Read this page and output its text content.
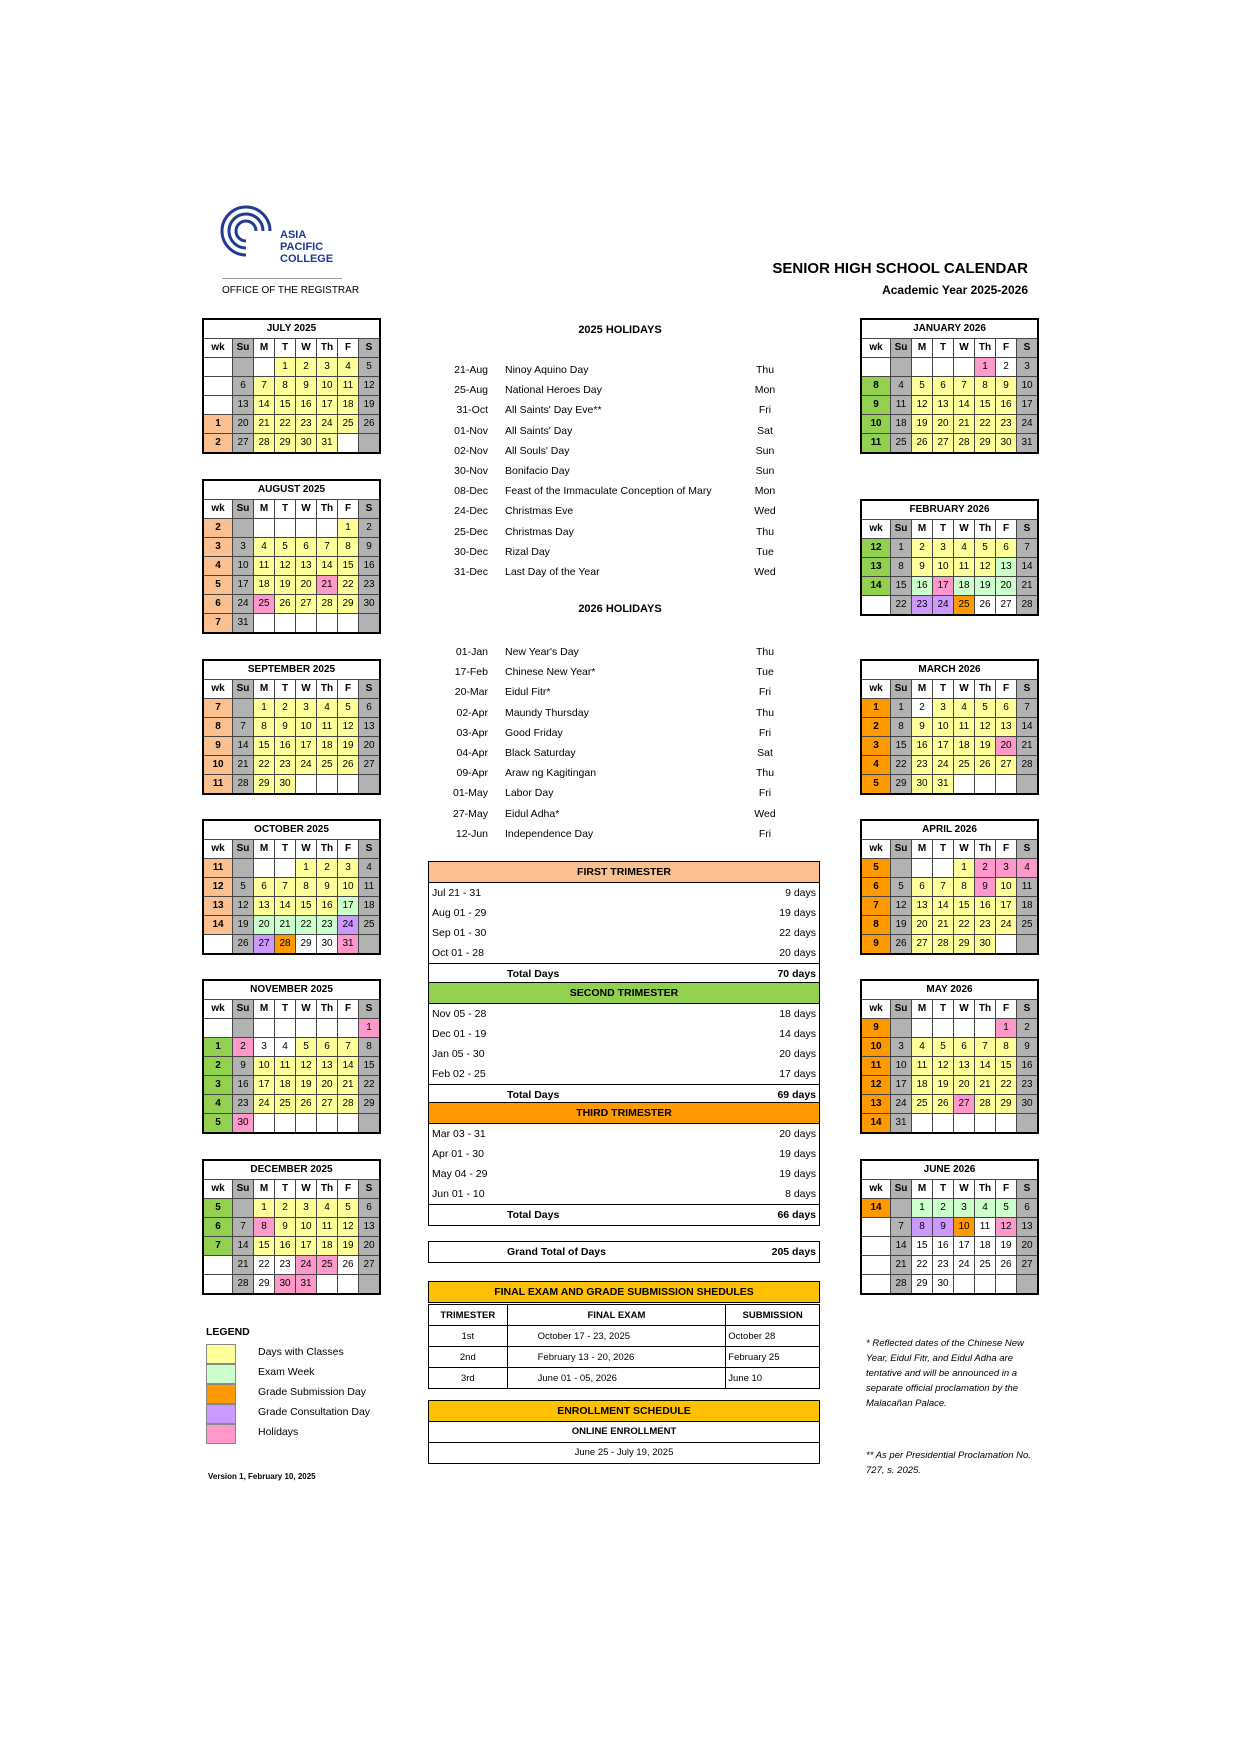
ASIA
PACIFIC
COLLEGE
OFFICE OF THE REGISTRAR
SENIOR HIGH SCHOOL CALENDAR
Academic Year 2025-2026
JULY 2025							
wk	Su	M	T	W	Th	F	S
			1	2	3	4	5
	6	7	8	9	10	11	12
	13	14	15	16	17	18	19
1	20	21	22	23	24	25	26
2	27	28	29	30	31		
AUGUST 2025							
wk	Su	M	T	W	Th	F	S
2						1	2
3	3	4	5	6	7	8	9
4	10	11	12	13	14	15	16
5	17	18	19	20	21	22	23
6	24	25	26	27	28	29	30
7	31						
SEPTEMBER 2025							
wk	Su	M	T	W	Th	F	S
7		1	2	3	4	5	6
8	7	8	9	10	11	12	13
9	14	15	16	17	18	19	20
10	21	22	23	24	25	26	27
11	28	29	30				
OCTOBER 2025							
wk	Su	M	T	W	Th	F	S
11				1	2	3	4
12	5	6	7	8	9	10	11
13	12	13	14	15	16	17	18
14	19	20	21	22	23	24	25
	26	27	28	29	30	31	
NOVEMBER 2025							
wk	Su	M	T	W	Th	F	S
							1
1	2	3	4	5	6	7	8
2	9	10	11	12	13	14	15
3	16	17	18	19	20	21	22
4	23	24	25	26	27	28	29
5	30						
DECEMBER 2025							
wk	Su	M	T	W	Th	F	S
5		1	2	3	4	5	6
6	7	8	9	10	11	12	13
7	14	15	16	17	18	19	20
	21	22	23	24	25	26	27
	28	29	30	31			
JANUARY 2026							
wk	Su	M	T	W	Th	F	S
					1	2	3
8	4	5	6	7	8	9	10
9	11	12	13	14	15	16	17
10	18	19	20	21	22	23	24
11	25	26	27	28	29	30	31
FEBRUARY 2026							
wk	Su	M	T	W	Th	F	S
12	1	2	3	4	5	6	7
13	8	9	10	11	12	13	14
14	15	16	17	18	19	20	21
	22	23	24	25	26	27	28
MARCH 2026							
wk	Su	M	T	W	Th	F	S
1	1	2	3	4	5	6	7
2	8	9	10	11	12	13	14
3	15	16	17	18	19	20	21
4	22	23	24	25	26	27	28
5	29	30	31				
APRIL 2026							
wk	Su	M	T	W	Th	F	S
5				1	2	3	4
6	5	6	7	8	9	10	11
7	12	13	14	15	16	17	18
8	19	20	21	22	23	24	25
9	26	27	28	29	30		
MAY 2026							
wk	Su	M	T	W	Th	F	S
9						1	2
10	3	4	5	6	7	8	9
11	10	11	12	13	14	15	16
12	17	18	19	20	21	22	23
13	24	25	26	27	28	29	30
14	31						
JUNE 2026							
wk	Su	M	T	W	Th	F	S
14		1	2	3	4	5	6
	7	8	9	10	11	12	13
	14	15	16	17	18	19	20
	21	22	23	24	25	26	27
	28	29	30				
2025 HOLIDAYS
21-Aug Ninoy Aquino Day	Thu
25-Aug National Heroes Day	Mon
31-Oct All Saints' Day Eve**	Fri
01-Nov All Saints' Day	Sat
02-Nov All Souls' Day	Sun
30-Nov Bonifacio Day	Sun
08-Dec Feast of the Immaculate Conception of Mary	Mon
24-Dec Christmas Eve	Wed
25-Dec Christmas Day	Thu
30-Dec Rizal Day	Tue
31-Dec Last Day of the Year	Wed
2026 HOLIDAYS
01-Jan New Year's Day	Thu
17-Feb Chinese New Year*	Tue
20-Mar Eidul Fitr*	Fri
02-Apr Maundy Thursday	Thu
03-Apr Good Friday	Fri
04-Apr Black Saturday	Sat
09-Apr Araw ng Kagitingan	Thu
01-May Labor Day	Fri
27-May Eidul Adha*	Wed
12-Jun Independence Day	Fri
FIRST TRIMESTER
Jul 21 - 31	9 days
Aug 01 - 29	19 days
Sep 01 - 30	22 days
Oct 01 - 28	20 days
Total Days	70 days
SECOND TRIMESTER
Nov 05 - 28	18 days
Dec 01 - 19	14 days
Jan 05 - 30	20 days
Feb 02 - 25	17 days
Total Days	69 days
THIRD TRIMESTER
Mar 03 - 31	20 days
Apr 01 - 30	19 days
May 04 - 29	19 days
Jun 01 - 10	8 days
Total Days	66 days
Grand Total of Days	205 days
FINAL EXAM AND GRADE SUBMISSION SHEDULES
TRIMESTER	FINAL EXAM	SUBMISSION
1st	October 17 - 23, 2025	October 28
2nd	February 13 - 20, 2026	February 25
3rd	June 01 - 05, 2026	June 10
ENROLLMENT SCHEDULE
ONLINE ENROLLMENT
June 25 - July 19, 2025
LEGEND
Days with Classes
Exam Week
Grade Submission Day
Grade Consultation Day
Holidays
Version 1, February 10, 2025
* Reflected dates of the Chinese New Year, Eidul Fitr, and Eidul Adha are tentative and will be announced in a separate official proclamation by the Malacañan Palace.
** As per Presidential Proclamation No. 727, s. 2025.
